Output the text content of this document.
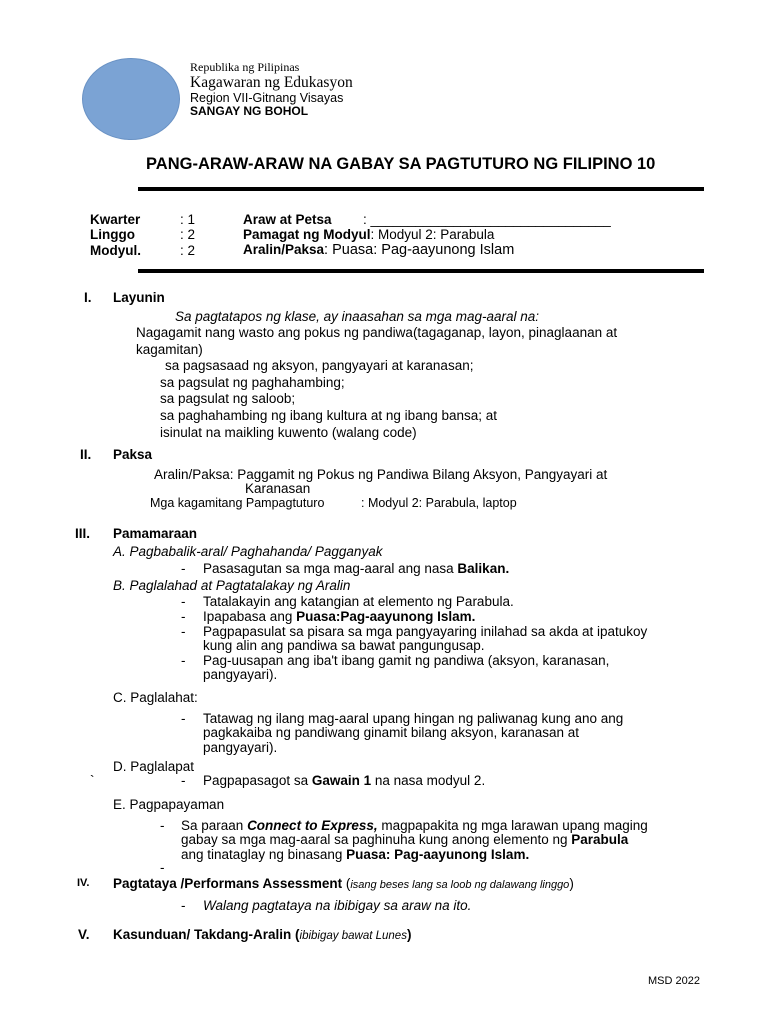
Republika ng Pilipinas
Kagawaran ng Edukasyon
Region VII-Gitnang Visayas
SANGAY NG BOHOL
PANG-ARAW-ARAW NA GABAY SA PAGTUTURO NG FILIPINO 10
Kwarter	: 1
Linggo	: 2
Modyul.	: 2
Araw at Petsa : ________________________________
Pamagat ng Modyul: Modyul 2: Parabula
Aralin/Paksa: Puasa: Pag-aayunong Islam
I. Layunin
Sa pagtatapos ng klase, ay inaasahan sa mga mag-aaral na:
Nagagamit nang wasto ang pokus ng pandiwa(tagaganap, layon, pinaglaanan at
kagamitan)
sa pagsasaad ng aksyon, pangyayari at karanasan;
sa pagsulat ng paghahambing;
sa pagsulat ng saloob;
sa paghahambing ng ibang kultura at ng ibang bansa; at
isinulat na maikling kuwento (walang code)
II. Paksa
Aralin/Paksa: Paggamit ng Pokus ng Pandiwa Bilang Aksyon, Pangyayari at
Karanasan
Mga kagamitang Pampagtuturo	: Modyul 2: Parabula, laptop
III. Pamamaraan
A. Pagbabalik-aral/ Paghahanda/ Pagganyak
- Pasasagutan sa mga mag-aaral ang nasa Balikan.
B. Paglalahad at Pagtatalakay ng Aralin
- Tatalakayin ang katangian at elemento ng Parabula.
- Ipapabasa ang Puasa:Pag-aayunong Islam.
- Pagpapasulat sa pisara sa mga pangyayaring inilahad sa akda at ipatukoy
kung alin ang pandiwa sa bawat pangungusap.
- Pag-uusapan ang iba't ibang gamit ng pandiwa (aksyon, karanasan,
pangyayari).
C. Paglalahat:
- Tatawag ng ilang mag-aaral upang hingan ng paliwanag kung ano ang
pagkakaiba ng pandiwang ginamit bilang aksyon, karanasan at
pangyayari).
D. Paglalapat
`	- Pagpapasagot sa Gawain 1 na nasa modyul 2.
E. Pagpapayaman
- Sa paraan Connect to Express, magpapakita ng mga larawan upang maging
gabay sa mga mag-aaral sa paghinuha kung anong elemento ng Parabula
ang tinataglay ng binasang Puasa: Pag-aayunong Islam.
-
IV. Pagtataya /Performans Assessment (isang beses lang sa loob ng dalawang linggo)
- Walang pagtataya na ibibigay sa araw na ito.
V. Kasunduan/ Takdang-Aralin (ibibigay bawat Lunes)
MSD 2022
